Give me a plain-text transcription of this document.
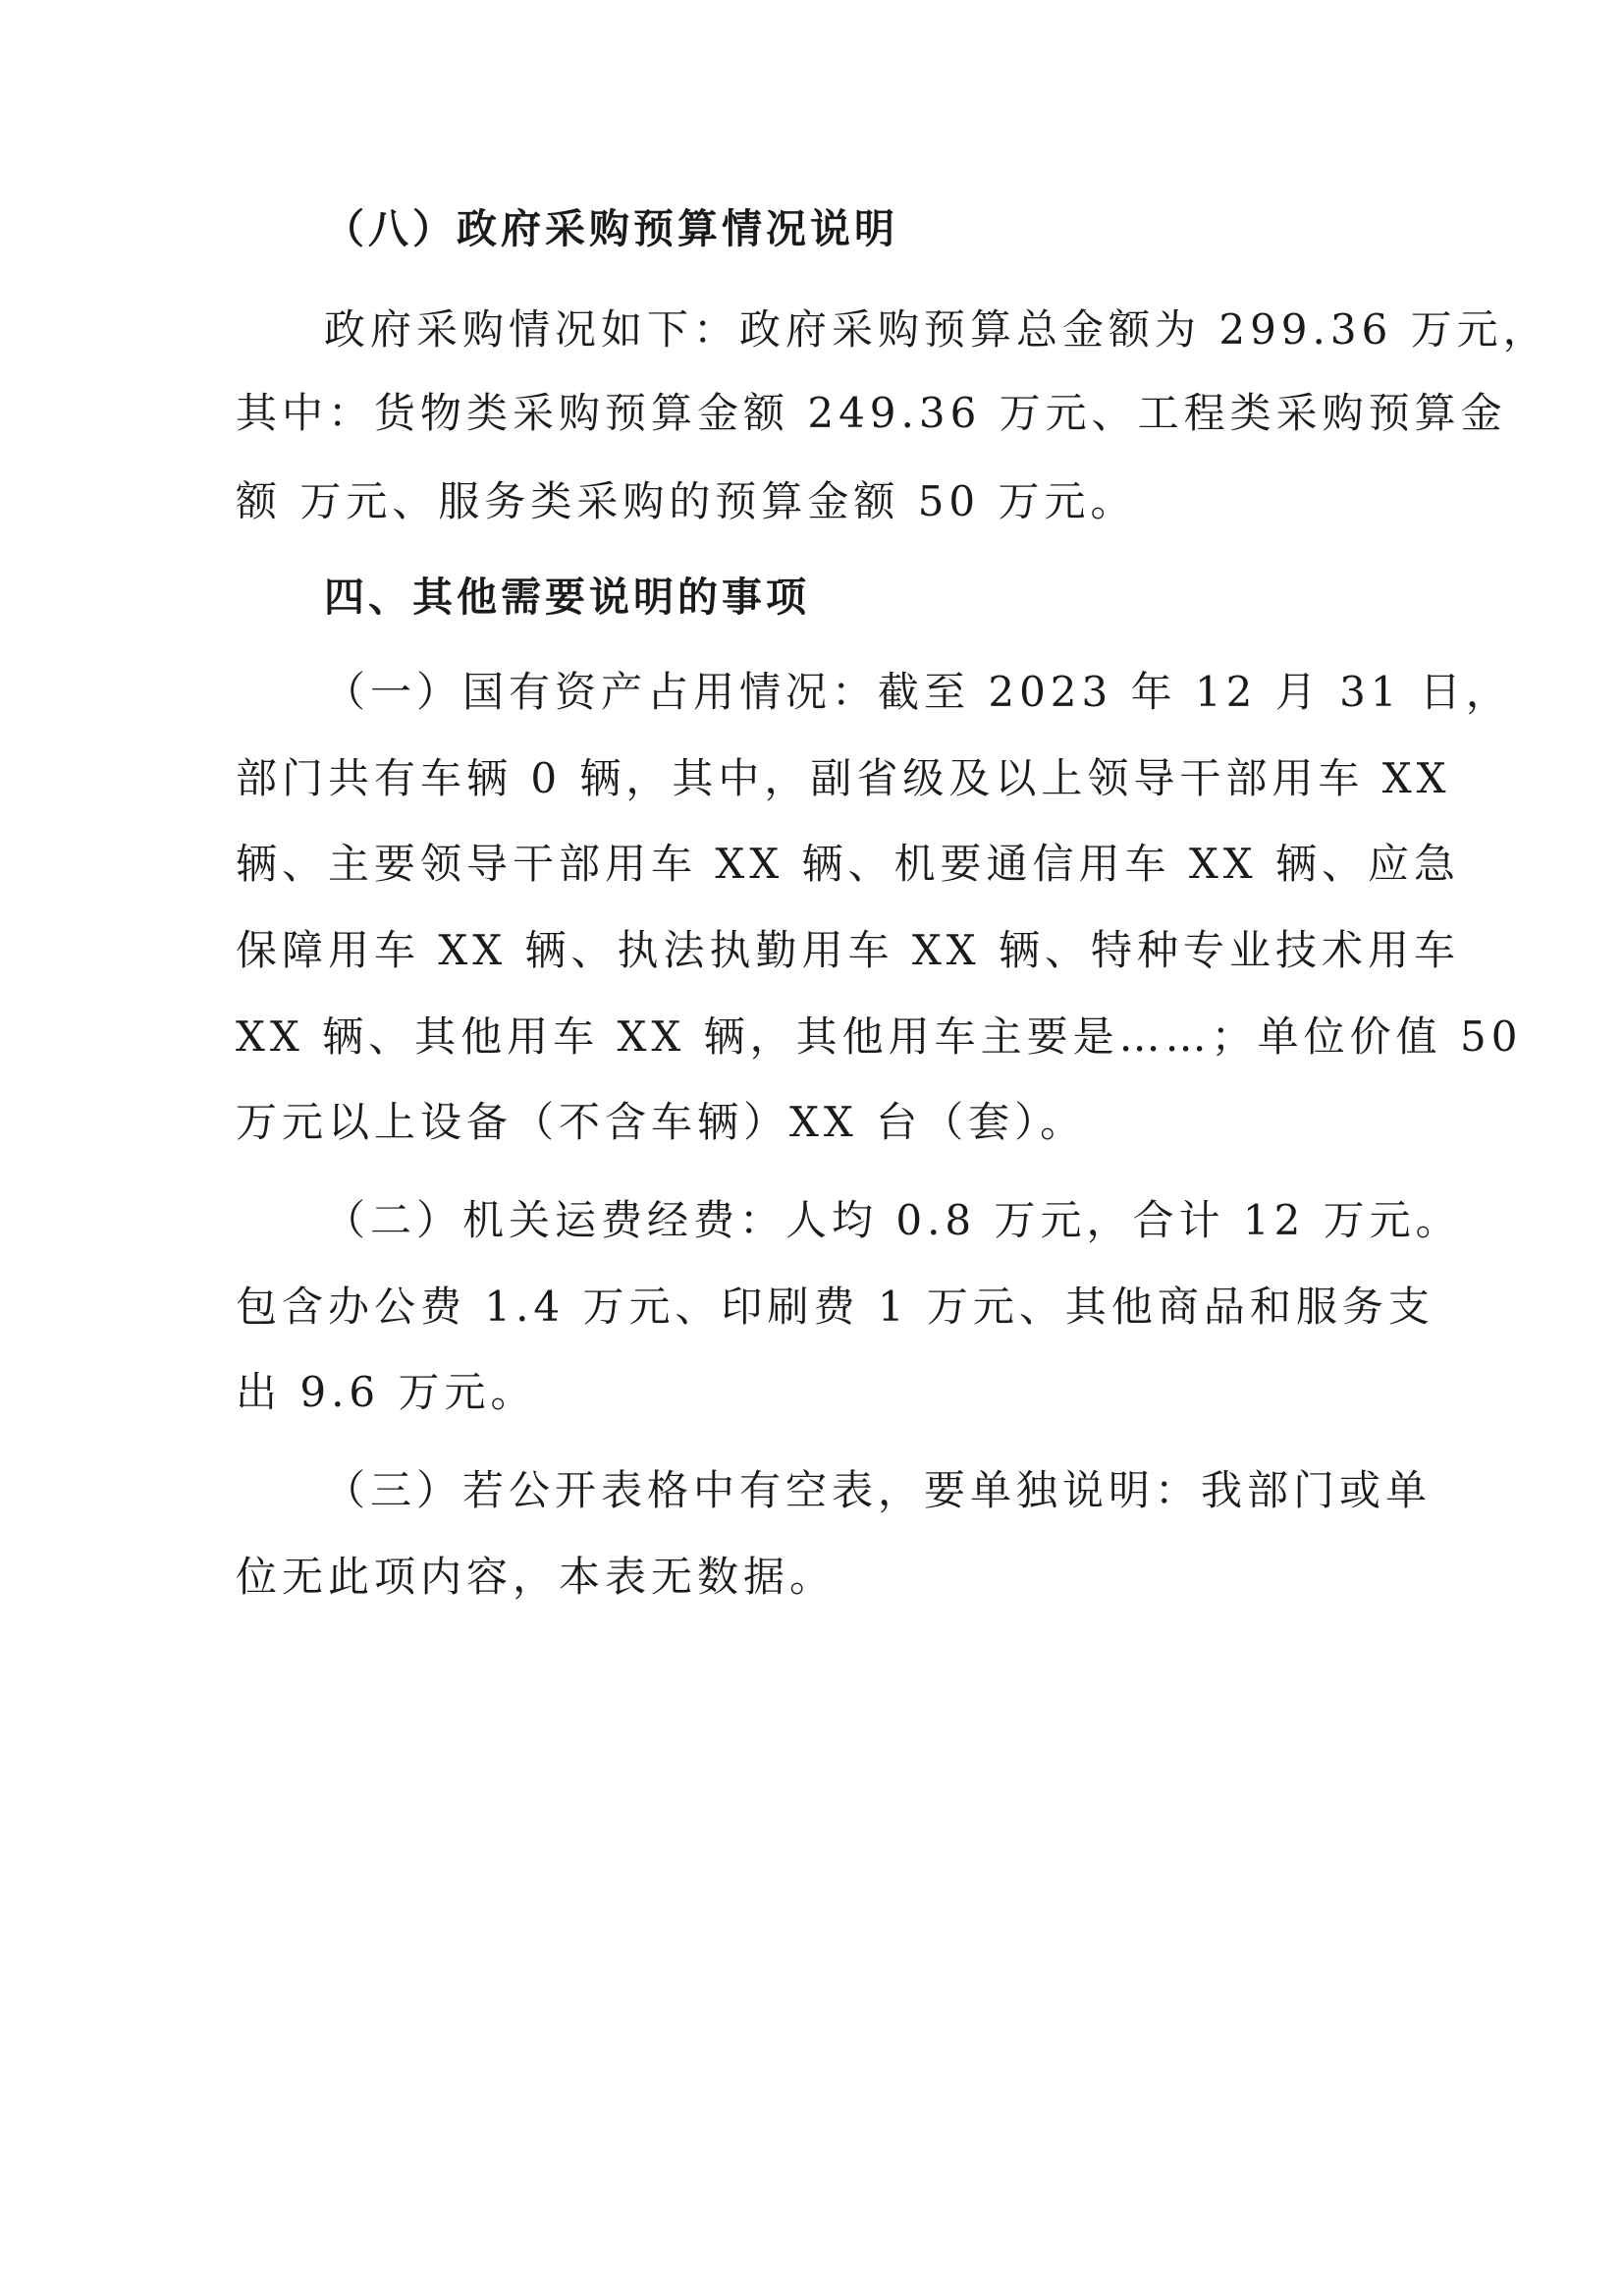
（八）政府采购预算情况说明
政府采购情况如下：政府采购预算总金额为 299.36 万元，
其中：货物类采购预算金额 249.36 万元、工程类采购预算金
额 万元、服务类采购的预算金额 50 万元。
四、其他需要说明的事项
（一）国有资产占用情况：截至 2023 年 12 月 31 日，
部门共有车辆 0 辆，其中，副省级及以上领导干部用车 XX
辆、主要领导干部用车 XX 辆、机要通信用车 XX 辆、应急
保障用车 XX 辆、执法执勤用车 XX 辆、特种专业技术用车
XX 辆、其他用车 XX 辆，其他用车主要是……；单位价值 50
万元以上设备（不含车辆）XX 台（套）。
（二）机关运费经费：人均 0.8 万元，合计 12 万元。
包含办公费 1.4 万元、印刷费 1 万元、其他商品和服务支
出 9.6 万元。
（三）若公开表格中有空表，要单独说明：我部门或单
位无此项内容，本表无数据。
